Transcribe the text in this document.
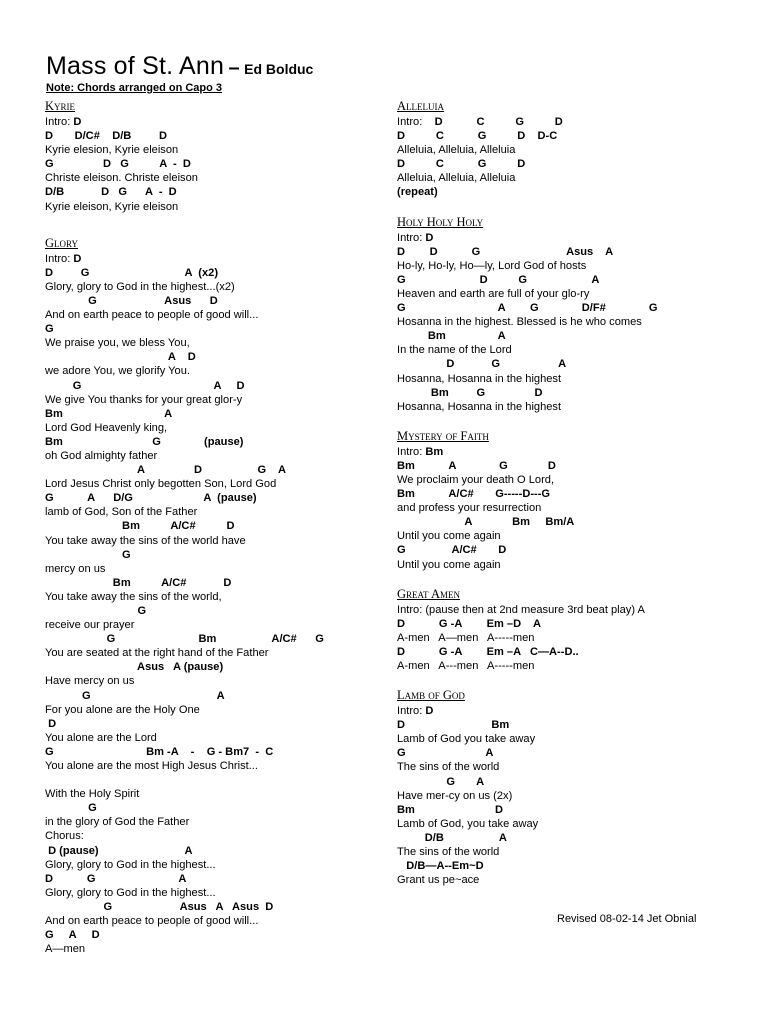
Mass of St. Ann – Ed Bolduc
Note: Chords arranged on Capo 3
Kyrie
Intro: D
D       D/C#    D/B         D
Kyrie elesion, Kyrie eleison
G                D   G          A  -  D
Christe eleison. Christe eleison
D/B            D   G      A  -  D
Kyrie eleison, Kyrie eleison
Glory
Intro: D
D         G                               A  (x2)
Glory, glory to God in the highest...(x2)
G                      Asus      D
And on earth peace to people of good will...
G
We praise you, we bless You,
A    D
we adore You, we glorify You.
G                                           A     D
We give You thanks for your great glor-y
Bm                                 A
Lord God Heavenly king,
Bm                             G              (pause)
oh God almighty father
A                D                  G    A
Lord Jesus Christ only begotten Son, Lord God
G           A      D/G                       A  (pause)
lamb of God, Son of the Father
Bm          A/C#          D
You take away the sins of the world have
G
mercy on us
Bm          A/C#            D
You take away the sins of the world,
G
receive our prayer
G                           Bm                  A/C#      G
You are seated at the right hand of the Father
Asus   A (pause)
Have mercy on us
G                                         A
For you alone are the Holy One
D
You alone are the Lord
G                              Bm -A    -    G - Bm7  -  C
You alone are the most High Jesus Christ...
With the Holy Spirit
G
in the glory of God the Father
Chorus:
D (pause)                            A
Glory, glory to God in the highest...
D           G                           A
Glory, glory to God in the highest...
G                      Asus   A   Asus  D
And on earth peace to people of good will...
G     A     D
A—men
Alleluia
Intro:    D           C          G          D
D          C           G          D    D-C
Alleluia, Alleluia, Alleluia
D          C           G          D
Alleluia, Alleluia, Alleluia
(repeat)
Holy Holy Holy
Intro: D
D        D           G                            Asus    A
Ho-ly, Ho-ly, Ho—ly, Lord God of hosts
G                        D          G                     A
Heaven and earth are full of your glo-ry
G                              A        G              D/F#              G
Hosanna in the highest. Blessed is he who comes
Bm                 A
In the name of the Lord
D            G                   A
Hosanna, Hosanna in the highest
Bm         G                D
Hosanna, Hosanna in the highest
Mystery of Faith
Intro: Bm
Bm           A              G             D
We proclaim your death O Lord,
Bm           A/C#       G-----D---G
and profess your resurrection
A             Bm     Bm/A
Until you come again
G               A/C#       D
Until you come again
Great Amen
Intro: (pause then at 2nd measure 3rd beat play) A
D           G -A        Em –D    A
A-men   A—men   A-----men
D           G -A        Em –A   C—A--D..
A-men   A---men   A-----men
Lamb of God
Intro: D
D                            Bm
Lamb of God you take away
G                          A
The sins of the world
G       A
Have mer-cy on us (2x)
Bm                          D
Lamb of God, you take away
D/B                  A
The sins of the world
D/B—A--Em~D
Grant us pe~ace
Revised 08-02-14 Jet Obnial
